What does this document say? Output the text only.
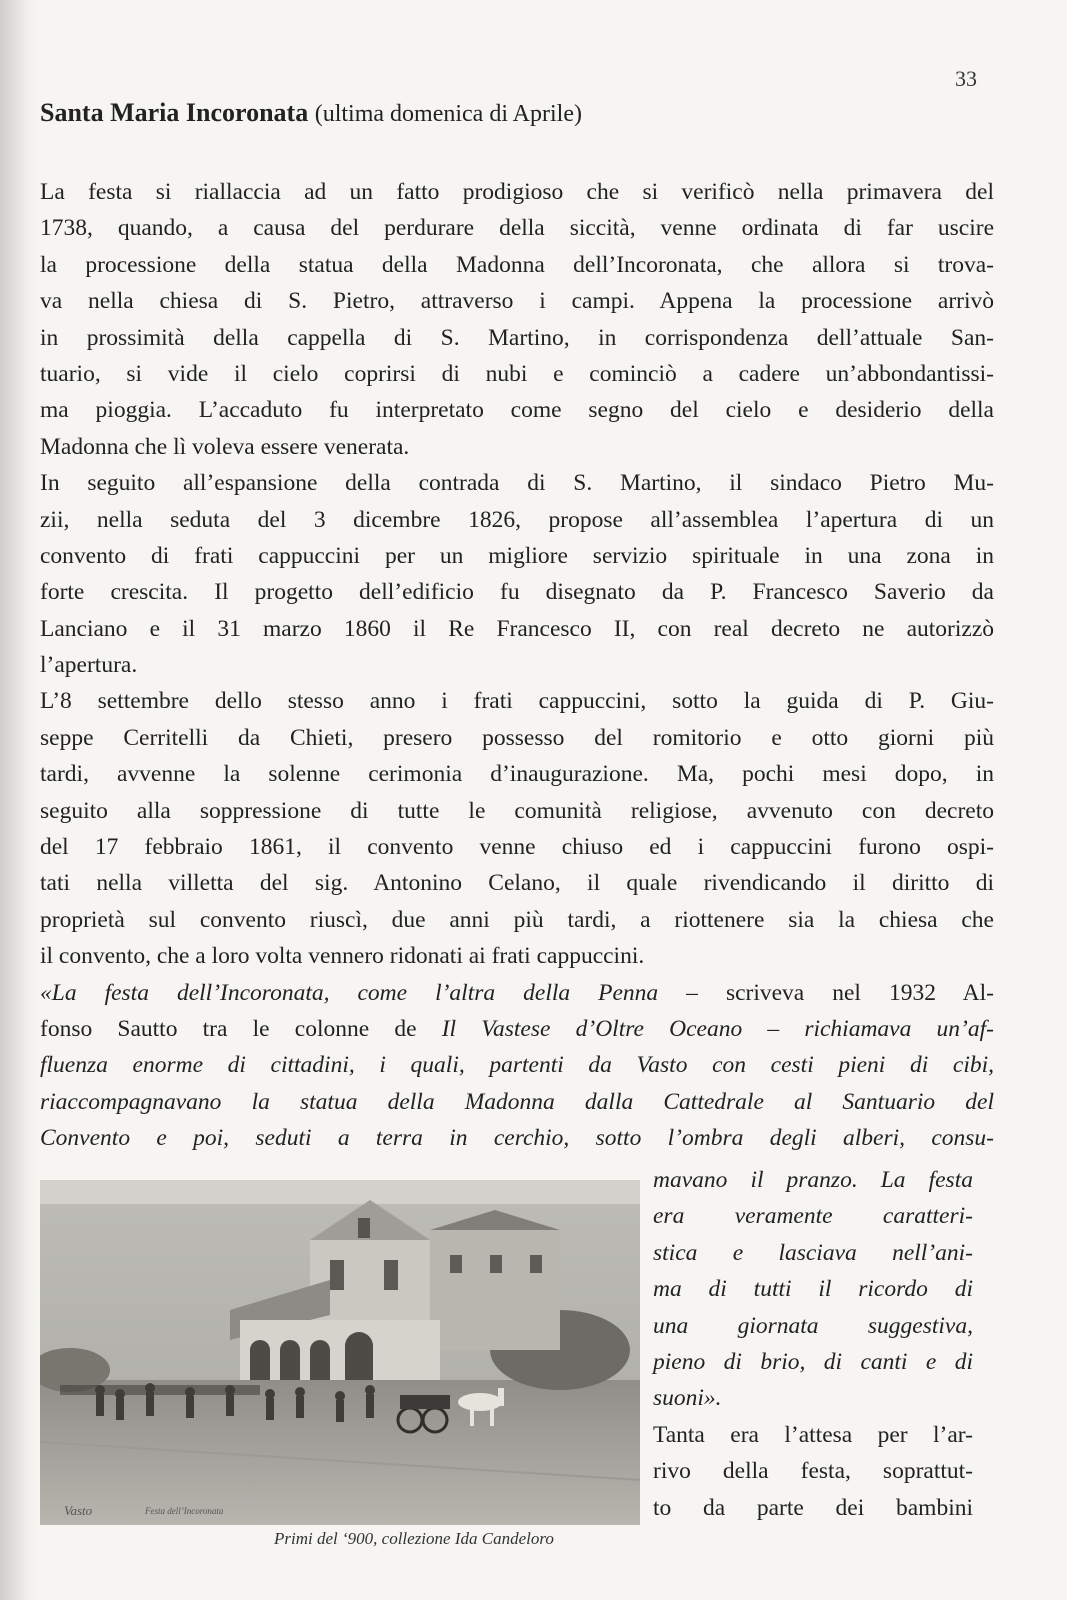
33
Santa Maria Incoronata (ultima domenica di Aprile)
La festa si riallaccia ad un fatto prodigioso che si verificò nella primavera del
1738, quando, a causa del perdurare della siccità, venne ordinata di far uscire
la processione della statua della Madonna dell’Incoronata, che allora si trova-
va nella chiesa di S. Pietro, attraverso i campi. Appena la processione arrivò
in prossimità della cappella di S. Martino, in corrispondenza dell’attuale San-
tuario, si vide il cielo coprirsi di nubi e cominciò a cadere un’abbondantissi-
ma pioggia. L’accaduto fu interpretato come segno del cielo e desiderio della
Madonna che lì voleva essere venerata.
In seguito all’espansione della contrada di S. Martino, il sindaco Pietro Mu-
zii, nella seduta del 3 dicembre 1826, propose all’assemblea l’apertura di un
convento di frati cappuccini per un migliore servizio spirituale in una zona in
forte crescita. Il progetto dell’edificio fu disegnato da P. Francesco Saverio da
Lanciano e il 31 marzo 1860 il Re Francesco II, con real decreto ne autorizzò
l’apertura.
L’8 settembre dello stesso anno i frati cappuccini, sotto la guida di P. Giu-
seppe Cerritelli da Chieti, presero possesso del romitorio e otto giorni più
tardi, avvenne la solenne cerimonia d’inaugurazione. Ma, pochi mesi dopo, in
seguito alla soppressione di tutte le comunità religiose, avvenuto con decreto
del 17 febbraio 1861, il convento venne chiuso ed i cappuccini furono ospi-
tati nella villetta del sig. Antonino Celano, il quale rivendicando il diritto di
proprietà sul convento riuscì, due anni più tardi, a riottenere sia la chiesa che
il convento, che a loro volta vennero ridonati ai frati cappuccini.
«La festa dell’Incoronata, come l’altra della Penna – scriveva nel 1932 Al-
fonso Sautto tra le colonne de Il Vastese d’Oltre Oceano – richiamava un’af-
fluenza enorme di cittadini, i quali, partenti da Vasto con cesti pieni di cibi,
riaccompagnavano la statua della Madonna dalla Cattedrale al Santuario del
Convento e poi, seduti a terra in cerchio, sotto l’ombra degli alberi, consu-
Vasto	Festa dell’Incoronata
Primi del ‘900, collezione Ida Candeloro
mavano il pranzo. La festa
era veramente caratteri-
stica e lasciava nell’ani-
ma di tutti il ricordo di
una giornata suggestiva,
pieno di brio, di canti e di
suoni».
Tanta era l’attesa per l’ar-
rivo della festa, soprattut-
to da parte dei bambini
